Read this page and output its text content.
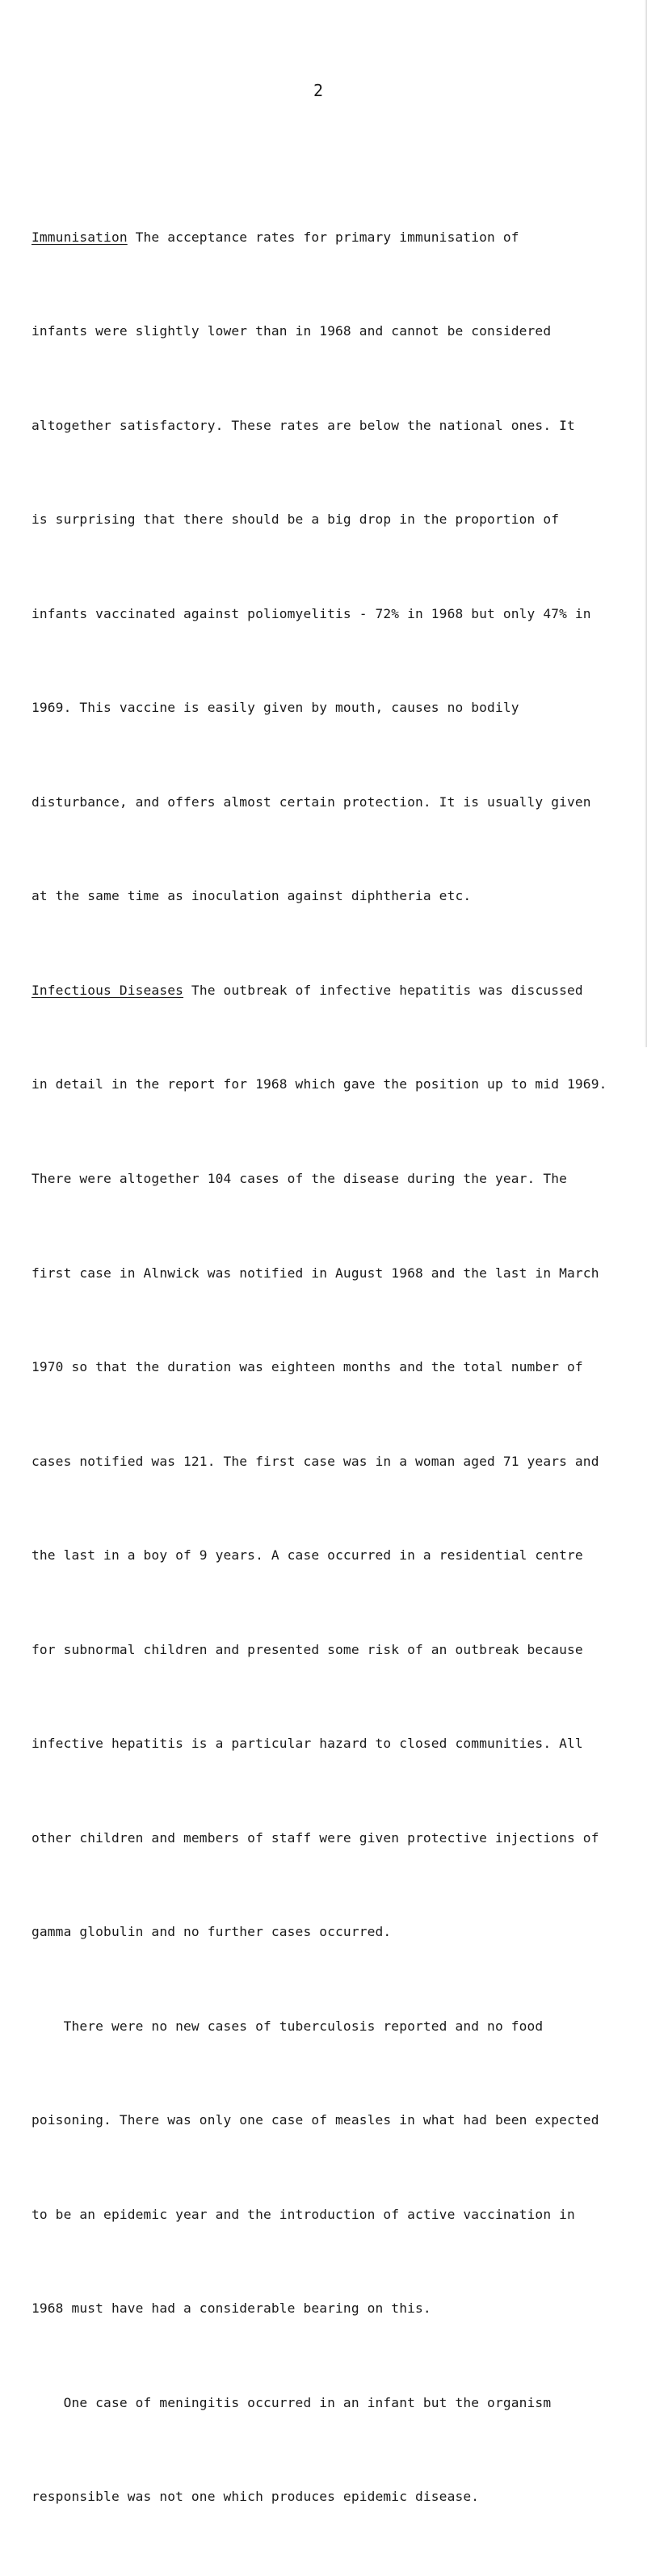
2

Immunisation The acceptance rates for primary immunisation of

infants were slightly lower than in 1968 and cannot be considered

altogether satisfactory. These rates are below the national ones. It

is surprising that there should be a big drop in the proportion of

infants vaccinated against poliomyelitis - 72% in 1968 but only 47% in

1969. This vaccine is easily given by mouth, causes no bodily

disturbance, and offers almost certain protection. It is usually given

at the same time as inoculation against diphtheria etc.

Infectious Diseases The outbreak of infective hepatitis was discussed

in detail in the report for 1968 which gave the position up to mid 1969.

There were altogether 104 cases of the disease during the year. The

first case in Alnwick was notified in August 1968 and the last in March

1970 so that the duration was eighteen months and the total number of

cases notified was 121. The first case was in a woman aged 71 years and

the last in a boy of 9 years. A case occurred in a residential centre

for subnormal children and presented some risk of an outbreak because

infective hepatitis is a particular hazard to closed communities. All

other children and members of staff were given protective injections of

gamma globulin and no further cases occurred.

There were no new cases of tuberculosis reported and no food

poisoning. There was only one case of measles in what had been expected

to be an epidemic year and the introduction of active vaccination in

1968 must have had a considerable bearing on this.

One case of meningitis occurred in an infant but the organism

responsible was not one which produces epidemic disease.
